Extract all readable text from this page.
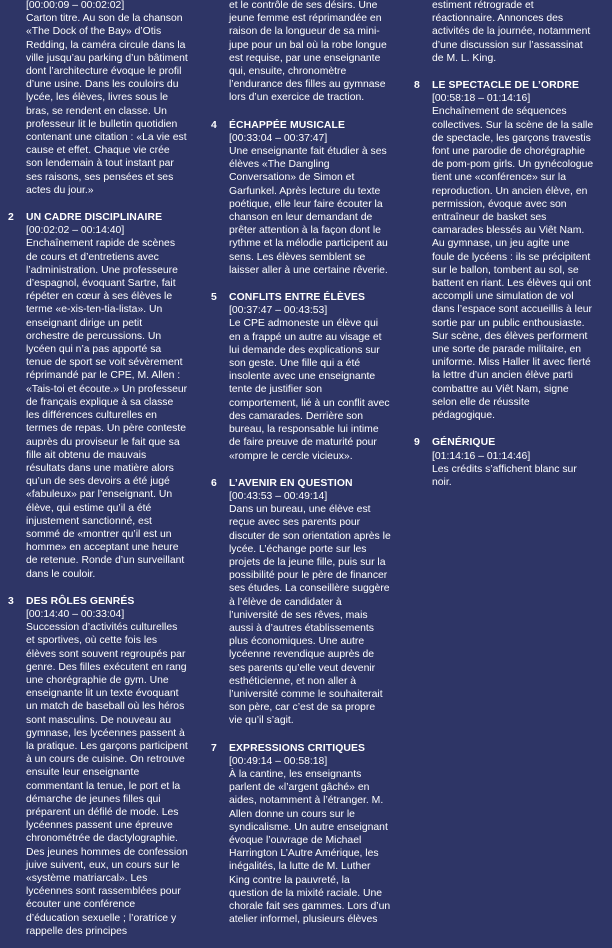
[00:00:09 – 00:02:02]
Carton titre. Au son de la chanson «The Dock of the Bay» d’Otis Redding, la caméra circule dans la ville jusqu’au parking d’un bâtiment dont l’architecture évoque le profil d’une usine. Dans les couloirs du lycée, les élèves, livres sous le bras, se rendent en classe. Un professeur lit le bulletin quotidien contenant une citation : «La vie est cause et effet. Chaque vie crée son lendemain à tout instant par ses raisons, ses pensées et ses actes du jour.»
2 UN CADRE DISCIPLINAIRE
[00:02:02 – 00:14:40]
Enchaînement rapide de scènes de cours et d’entretiens avec l’administration. Une professeure d’espagnol, évoquant Sartre, fait répéter en cœur à ses élèves le terme «e-xis-ten-tia-lista». Un enseignant dirige un petit orchestre de percussions. Un lycéen qui n’a pas apporté sa tenue de sport se voit sévèrement réprimandé par le CPE, M. Allen : «Tais-toi et écoute.» Un professeur de français explique à sa classe les différences culturelles en termes de repas. Un père conteste auprès du proviseur le fait que sa fille ait obtenu de mauvais résultats dans une matière alors qu’un de ses devoirs a été jugé «fabuleux» par l’enseignant. Un élève, qui estime qu’il a été injustement sanctionné, est sommé de «montrer qu’il est un homme» en acceptant une heure de retenue. Ronde d’un surveillant dans le couloir.
3 DES RÔLES GENRÉS
[00:14:40 – 00:33:04]
Succession d’activités culturelles et sportives, où cette fois les élèves sont souvent regroupés par genre. Des filles exécutent en rang une chorégraphie de gym. Une enseignante lit un texte évoquant un match de baseball où les héros sont masculins. De nouveau au gymnase, les lycéennes passent à la pratique. Les garçons participent à un cours de cuisine. On retrouve ensuite leur enseignante commentant la tenue, le port et la démarche de jeunes filles qui préparent un défilé de mode. Les lycéennes passent une épreuve chronométrée de dactylographie. Des jeunes hommes de confession juive suivent, eux, un cours sur le «système matriarcal». Les lycéennes sont rassemblées pour écouter une conférence d’éducation sexuelle ; l’oratrice y rappelle des principes
et le contrôle de ses désirs. Une jeune femme est réprimandée en raison de la longueur de sa mini-jupe pour un bal où la robe longue est requise, par une enseignante qui, ensuite, chronomètre l’endurance des filles au gymnase lors d’un exercice de traction.
4 ÉCHAPPÉE MUSICALE
[00:33:04 – 00:37:47]
Une enseignante fait étudier à ses élèves «The Dangling Conversation» de Simon et Garfunkel. Après lecture du texte poétique, elle leur faire écouter la chanson en leur demandant de prêter attention à la façon dont le rythme et la mélodie participent au sens. Les élèves semblent se laisser aller à une certaine rêverie.
5 CONFLITS ENTRE ÉLÈVES
[00:37:47 – 00:43:53]
Le CPE admoneste un élève qui en a frappé un autre au visage et lui demande des explications sur son geste. Une fille qui a été insolente avec une enseignante tente de justifier son comportement, lié à un conflit avec des camarades. Derrière son bureau, la responsable lui intime de faire preuve de maturité pour «rompre le cercle vicieux».
6 L’AVENIR EN QUESTION
[00:43:53 – 00:49:14]
Dans un bureau, une élève est reçue avec ses parents pour discuter de son orientation après le lycée. L’échange porte sur les projets de la jeune fille, puis sur la possibilité pour le père de financer ses études. La conseillère suggère à l’élève de candidater à l’université de ses rêves, mais aussi à d’autres établissements plus économiques. Une autre lycéenne revendique auprès de ses parents qu’elle veut devenir esthéticienne, et non aller à l’université comme le souhaiterait son père, car c’est de sa propre vie qu’il s’agit.
7 EXPRESSIONS CRITIQUES
[00:49:14 – 00:58:18]
À la cantine, les enseignants parlent de «l’argent gâché» en aides, notamment à l’étranger. M. Allen donne un cours sur le syndicalisme. Un autre enseignant évoque l’ouvrage de Michael Harrington L’Autre Amérique, les inégalités, la lutte de M. Luther King contre la pauvreté, la question de la mixité raciale. Une chorale fait ses gammes. Lors d’un atelier informel, plusieurs élèves
estiment rétrograde et réactionnaire. Annonces des activités de la journée, notamment d’une discussion sur l’assassinat de M. L. King.
8 LE SPECTACLE DE L’ORDRE
[00:58:18 – 01:14:16]
Enchaînement de séquences collectives. Sur la scène de la salle de spectacle, les garçons travestis font une parodie de chorégraphie de pom-pom girls. Un gynécologue tient une «conférence» sur la reproduction. Un ancien élève, en permission, évoque avec son entraîneur de basket ses camarades blessés au Viêt Nam. Au gymnase, un jeu agite une foule de lycéens : ils se précipitent sur le ballon, tombent au sol, se battent en riant. Les élèves qui ont accompli une simulation de vol dans l’espace sont accueillis à leur sortie par un public enthousiaste. Sur scène, des élèves performent une sorte de parade militaire, en uniforme. Miss Haller lit avec fierté la lettre d’un ancien élève parti combattre au Viêt Nam, signe selon elle de réussite pédagogique.
9 GÉNÉRIQUE
[01:14:16 – 01:14:46]
Les crédits s’affichent blanc sur noir.
